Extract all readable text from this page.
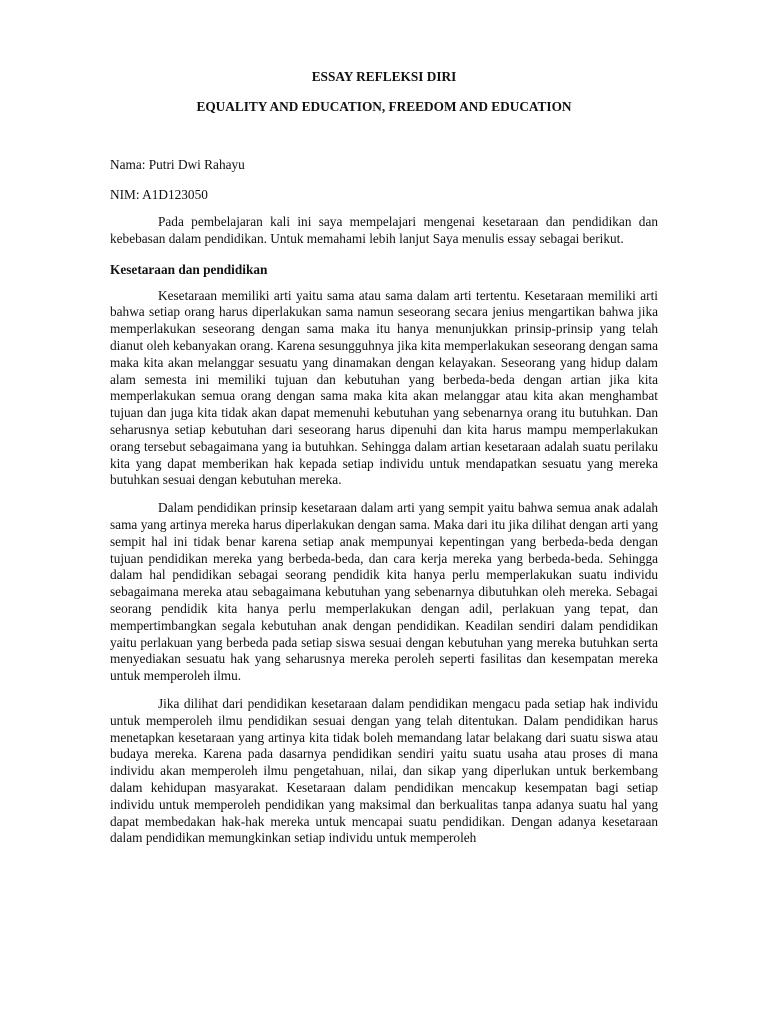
ESSAY REFLEKSI DIRI

EQUALITY AND EDUCATION, FREEDOM AND EDUCATION

Nama: Putri Dwi Rahayu

NIM: A1D123050

Pada pembelajaran kali ini saya mempelajari mengenai kesetaraan dan pendidikan dan kebebasan dalam pendidikan. Untuk memahami lebih lanjut Saya menulis essay sebagai berikut.

Kesetaraan dan pendidikan

Kesetaraan memiliki arti yaitu sama atau sama dalam arti tertentu. Kesetaraan memiliki arti bahwa setiap orang harus diperlakukan sama namun seseorang secara jenius mengartikan bahwa jika memperlakukan seseorang dengan sama maka itu hanya menunjukkan prinsip-prinsip yang telah dianut oleh kebanyakan orang. Karena sesungguhnya jika kita memperlakukan seseorang dengan sama maka kita akan melanggar sesuatu yang dinamakan dengan kelayakan. Seseorang yang hidup dalam alam semesta ini memiliki tujuan dan kebutuhan yang berbeda-beda dengan artian jika kita memperlakukan semua orang dengan sama maka kita akan melanggar atau kita akan menghambat tujuan dan juga kita tidak akan dapat memenuhi kebutuhan yang sebenarnya orang itu butuhkan. Dan seharusnya setiap kebutuhan dari seseorang harus dipenuhi dan kita harus mampu memperlakukan orang tersebut sebagaimana yang ia butuhkan. Sehingga dalam artian kesetaraan adalah suatu perilaku kita yang dapat memberikan hak kepada setiap individu untuk mendapatkan sesuatu yang mereka butuhkan sesuai dengan kebutuhan mereka.

Dalam pendidikan prinsip kesetaraan dalam arti yang sempit yaitu bahwa semua anak adalah sama yang artinya mereka harus diperlakukan dengan sama. Maka dari itu jika dilihat dengan arti yang sempit hal ini tidak benar karena setiap anak mempunyai kepentingan yang berbeda-beda dengan tujuan pendidikan mereka yang berbeda-beda, dan cara kerja mereka yang berbeda-beda. Sehingga dalam hal pendidikan sebagai seorang pendidik kita hanya perlu memperlakukan suatu individu sebagaimana mereka atau sebagaimana kebutuhan yang sebenarnya dibutuhkan oleh mereka. Sebagai seorang pendidik kita hanya perlu memperlakukan dengan adil, perlakuan yang tepat, dan mempertimbangkan segala kebutuhan anak dengan pendidikan. Keadilan sendiri dalam pendidikan yaitu perlakuan yang berbeda pada setiap siswa sesuai dengan kebutuhan yang mereka butuhkan serta menyediakan sesuatu hak yang seharusnya mereka peroleh seperti fasilitas dan kesempatan mereka untuk memperoleh ilmu.

Jika dilihat dari pendidikan kesetaraan dalam pendidikan mengacu pada setiap hak individu untuk memperoleh ilmu pendidikan sesuai dengan yang telah ditentukan. Dalam pendidikan harus menetapkan kesetaraan yang artinya kita tidak boleh memandang latar belakang dari suatu siswa atau budaya mereka. Karena pada dasarnya pendidikan sendiri yaitu suatu usaha atau proses di mana individu akan memperoleh ilmu pengetahuan, nilai, dan sikap yang diperlukan untuk berkembang dalam kehidupan masyarakat. Kesetaraan dalam pendidikan mencakup kesempatan bagi setiap individu untuk memperoleh pendidikan yang maksimal dan berkualitas tanpa adanya suatu hal yang dapat membedakan hak-hak mereka untuk mencapai suatu pendidikan. Dengan adanya kesetaraan dalam pendidikan memungkinkan setiap individu untuk memperoleh
